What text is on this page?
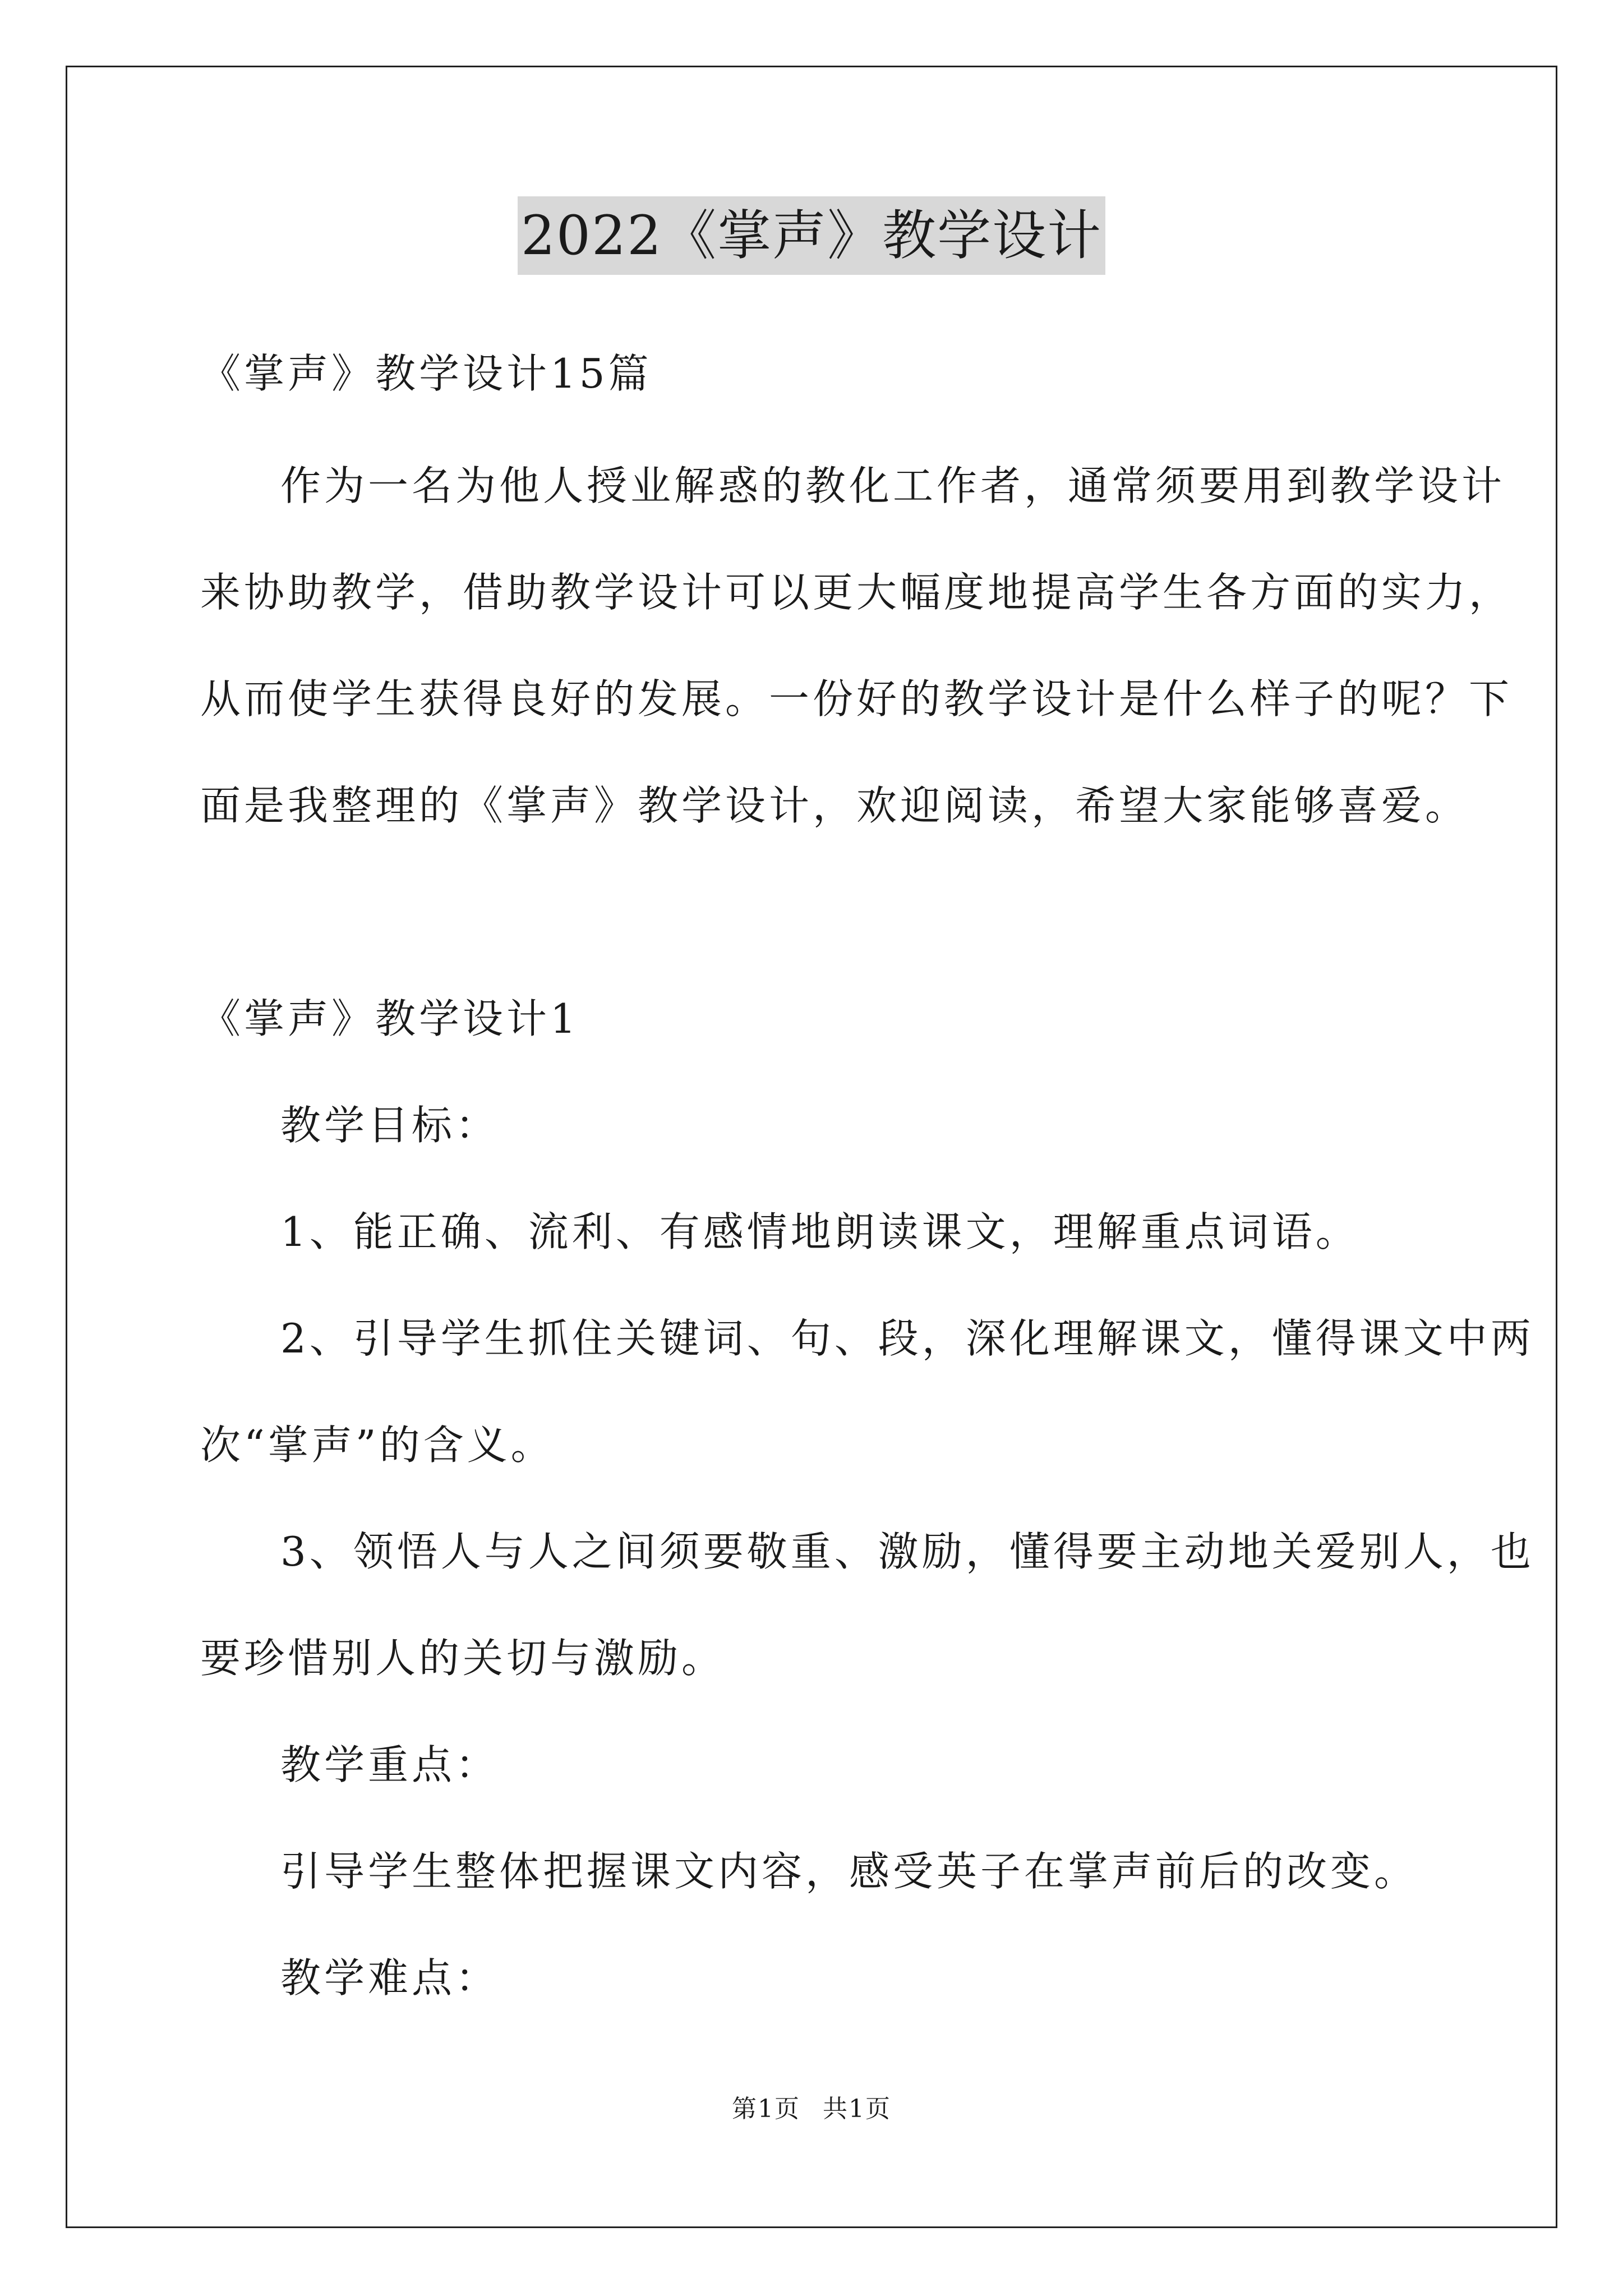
2022《掌声》教学设计
《掌声》教学设计15篇
作为一名为他人授业解惑的教化工作者，通常须要用到教学设计
来协助教学，借助教学设计可以更大幅度地提高学生各方面的实力，
从而使学生获得良好的发展。一份好的教学设计是什么样子的呢？下
面是我整理的《掌声》教学设计，欢迎阅读，希望大家能够喜爱。
《掌声》教学设计1
教学目标：
1、能正确、流利、有感情地朗读课文，理解重点词语。
2、引导学生抓住关键词、句、段，深化理解课文，懂得课文中两
次“掌声”的含义。
3、领悟人与人之间须要敬重、激励，懂得要主动地关爱别人，也
要珍惜别人的关切与激励。
教学重点：
引导学生整体把握课文内容，感受英子在掌声前后的改变。
教学难点：
第1页 共1页
